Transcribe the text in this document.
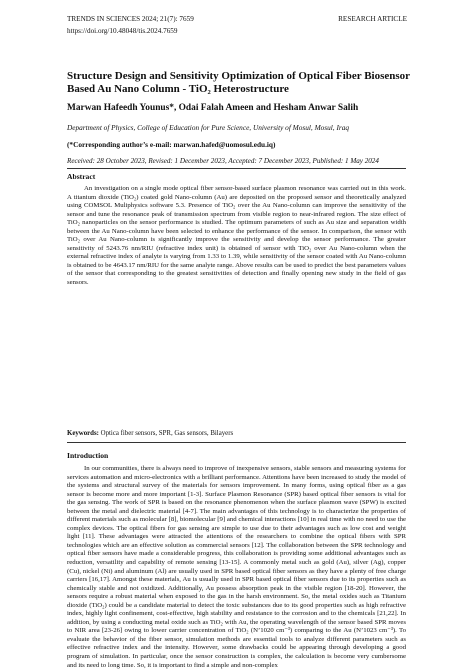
TRENDS IN SCIENCES 2024; 21(7): 7659	RESEARCH ARTICLE
https://doi.org/10.48048/tis.2024.7659
Structure Design and Sensitivity Optimization of Optical Fiber Biosensor Based Au Nano Column - TiO₂ Heterostructure
Marwan Hafeedh Younus*, Odai Falah Ameen and Hesham Anwar Salih
Department of Physics, College of Education for Pure Science, University of Mosul, Mosul, Iraq
(*Corresponding author’s e-mail: marwan.hafed@uomosul.edu.iq)
Received: 28 October 2023, Revised: 1 December 2023, Accepted: 7 December 2023, Published: 1 May 2024
Abstract

An investigation on a single mode optical fiber sensor-based surface plasmon resonance was carried out in this work. A titanium dioxide (TiO₂) coated gold Nano-column (Au) are deposited on the proposed sensor and theoretically analyzed using COMSOL Muliphysics software 5.3. Presence of TiO₂ over the Au Nano-column can improve the sensitivity of the sensor and tune the resonance peak of transmission spectrum from visible region to near-infrared region. The size effect of TiO₂ nanoparticles on the sensor performance is studied. The optimum parameters of such as Au size and separation width between the Au Nano-column have been selected to enhance the performance of the sensor. In comparison, the sensor with TiO₂ over Au Nano-column is significantly improve the sensitivity and develop the sensor performance. The greater sensitivity of 5243.76 nm/RIU (refractive index unit) is obtained of sensor with TiO₂ over Au Nano-column when the external refractive index of analyte is varying from 1.33 to 1.39, while sensitivity of the sensor coated with Au Nano-column is obtained to be 4643.17 nm/RIU for the same analyte range. Above results can be used to predict the best parameters values of the sensor that corresponding to the greatest sensitivities of detection and finally opening new study in the field of gas sensors.

Keywords: Optica fiber sensors, SPR, Gas sensors, Bilayers
Introduction

In our communities, there is always need to improve of inexpensive sensors, stable sensors and measuring systems for services automation and micro-electronics with a brilliant performance. Attentions have been increased to study the model of the systems and structural survey of the materials for sensors improvement. In many forms, using optical fiber as a gas sensor is become more and more important [1-3]. Surface Plasmon Resonance (SPR) based optical fiber sensors is vital for the gas sensing. The work of SPR is based on the resonance phenomenon when the surface plasmon wave (SPW) is excited between the metal and dielectric material [4-7]. The main advantages of this technology is to characterize the properties of different materials such as molecular [8], biomolecular [9] and chemical interactions [10] in real time with no need to use the complex devices. The optical fibers for gas sensing are simple to use due to their advantages such as low cost and weight light [11]. These advantages were attracted the attentions of the researchers to combine the optical fibers with SPR technologies which are an effective solution as commercial sensors [12]. The collaboration between the SPR technology and optical fiber sensors have made a considerable progress, this collaboration is providing some additional advantages such as reduction, versatility and capability of remote sensing [13-15]. A commonly metal such as gold (Au), silver (Ag), copper (Cu), nickel (Ni) and aluminum (Al) are usually used in SPR based optical fiber sensors as they have a plenty of free charge carriers [16,17]. Amongst these materials, Au is usually used in SPR based optical fiber sensors due to its properties such as chemically stable and not oxidized. Additionally, Au possess absorption peak in the visible region [18-20]. However, the sensors require a robust material when exposed to the gas in the harsh environment. So, the metal oxides such as Titanium dioxide (TiO₂) could be a candidate material to detect the toxic substances due to its good properties such as high refractive index, highly light confinement, cost-effective, high stability and resistance to the corrosion and to the chemicals [21,22]. In addition, by using a conducting metal oxide such as TiO₂ with Au, the operating wavelength of the sensor based SPR moves to NIR area [23-26] owing to lower carrier concentration of TiO₂ (N’1020 cm⁻³) comparing to the Au (N’1023 cm⁻³). To evaluate the behavior of the fiber sensor, simulation methods are essential tools to analyze different parameters such as effective refractive index and the intensity. However, some drawbacks could be appearing through developing a good program of simulation. In particular, once the sensor construction is complex, the calculation is become very cumbersome and its need to long time. So, it is important to find a simple and non-complex
